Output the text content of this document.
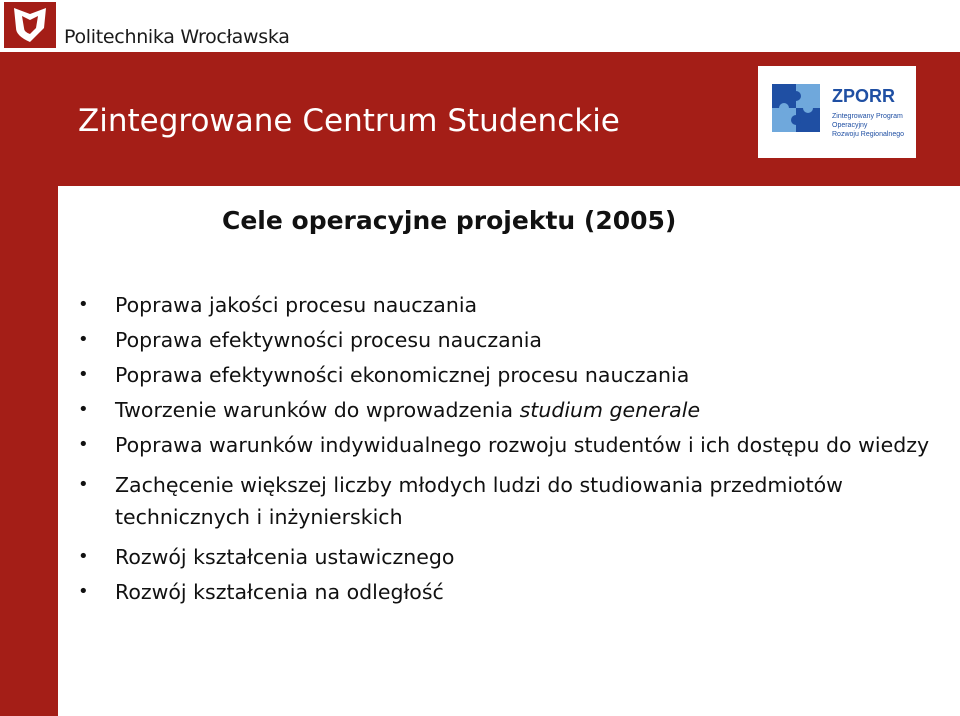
Politechnika Wrocławska
Zintegrowane Centrum Studenckie
ZPORR
Zintegrowany Program
Operacyjny
Rozwoju Regionalnego
Cele operacyjne projektu (2005)
• Poprawa jakości procesu nauczania
• Poprawa efektywności procesu nauczania
• Poprawa efektywności ekonomicznej procesu nauczania
• Tworzenie warunków do wprowadzenia studium generale
• Poprawa warunków indywidualnego rozwoju studentów i ich dostępu do wiedzy
• Zachęcenie większej liczby młodych ludzi do studiowania przedmiotów technicznych i inżynierskich
• Rozwój kształcenia ustawicznego
• Rozwój kształcenia na odległość
